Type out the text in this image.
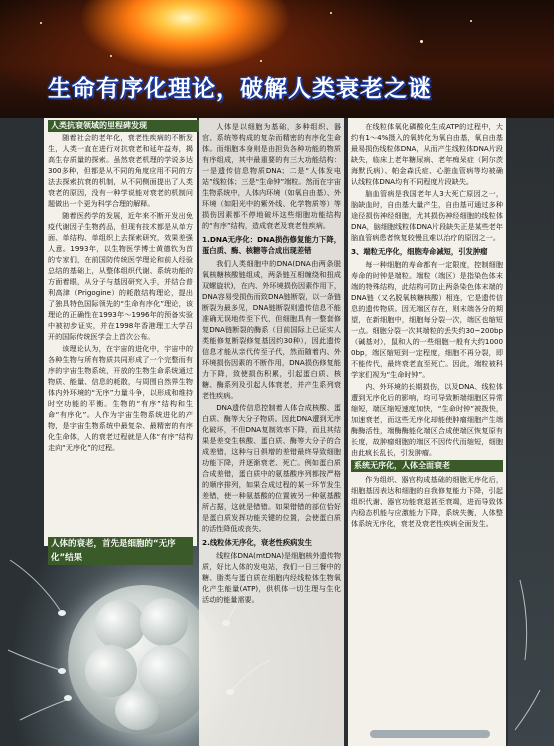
生命有序化理论，破解人类衰老之谜
人类抗衰领域的里程碑发现

随着社会的老年化，衰老性疾病的不断发生，人类一直在进行对抗衰老和延年益寿，揭高生存质量的探索。虽然衰老机理的学说多达300多种，但都是从不同的角度应用不同的方法去探索抗衰的机制，从不同侧面提出了人类衰老的原因，没有一种学说能对衰老的机制问题做出一个更为科学合理的解释。

随着医药学的发展，近年来不断开发出免疫代谢因子生物药品，但现有技术都是从单方面、单结构、单组织上去探索研究，效果差强人意。1993年，以生物医学博士黄德钦为首的专家们，在前国防传统医学理论和前人经验总结的基础上，从整体组织代谢、系统功能的方面着眼，从分子与基因研究入手，并结合普利高津（Prigogine）的耗散结构理论，提出了独具特色国际领先的“生命有序化”理论，该理论的正确性在1993年～1996年的预备实验中被初步证实，并在1998年香港理工大学召开的国际传统医学会上首次公布。

该理论认为，在宇宙的进化中，宇宙中的各种生物与所有物质共同形成了一个完整而有序的宇宙生物系统，开放的生物生命系统通过物质、能量、信息的耗散，与周围自然界生物体内外环境的“无序”力量斗争，以形成和维持时空功能的平衡。生物的“有序”结构和生命“有序化”。人作为宇宙生物系统进化的产物，是宇宙生物系统中最复杂、最精密的有序化生命体，人的衰老过程就是人体“有序”结构走向“无序化”的过程。

人体的衰老，首先是细胞的“无序化”结果

人体是以细胞为基础，多种组织、器官、系统等构成的复杂而精密的有序化生命体。而细胞本身则是由担负各种功能的物质有序组成，其中最重要的有三大功能结构：一是遗传信息物质DNA；二是“人体发电站”线粒体；三是“生命钟”端粒。然而在宇宙生物系统中，人体内环境（如氧自由基）、外环境（如阳光中的紫外线、化学物质等）等损伤因素都不停地破坏这些细胞功能结构的“有序”结构，造成衰老及衰老性疾病。

1.DNA无序化：DNA损伤修复能力下降，蛋白质、酶、核糖等合成出现差错

我们人类细胞中的DNA(DNA由两条脱氧核糖核酸链组成，两条链互相缠绕和扭成双螺旋状)，在内、外环境损伤因素作用下，DNA容易受损伤而致DNA链断裂，以一条链断裂为最多见，DNA链断裂则遗传信息不能准确无误地传至下代，但细胞具有一整套修复DNA链断裂的酶系（目前国际上已证实人类能修复断裂修复基因约30种），因此遗传信息才能从亲代传至子代，然而随着内、外环境损伤因素的不断作用，DNA损伤修复能力下降，致使损伤积累，引起蛋白质、核糖、酶系列及引起人体衰老，并产生系列衰老性疾病。

DNA遗传信息控制着人体合成核酸、蛋白质、酶等大分子物质。因此DNA遭到无序化破坏，不但DNA复制效率下降，而且其结果是差变生核酸、蛋白质、酶等大分子的合成差错，这种与日俱增的差错最终导致细胞功能下降，并逐渐衰老、死亡。例如蛋白质合成差错，蛋白质中的氨基酸序列都按严格的顺序排列，如果合成过程的某一环节发生差错，使一种氨基酸的位置被另一种氨基酸所占据，这就是错错。如果错错的部位恰好是蛋白质发挥功能关键的位置，会使蛋白质的活性降低或丧失。

2.线粒体无序化，衰老性疾病发生

线粒体DNA(mtDNA)是细胞核外遗传物质，好比人体的发电站，我们一日三餐中的糖、脂类与蛋白质在细胞内经线粒体生物氧化产生能量(ATP)，供机体一切生理与生化活动的能量需要。

在线粒体氧化磷酸化生成ATP的过程中，大约有1～4%摄入的氧转化为氧自由基，氧自由基最易损伤线粒体DNA，从而产生线粒体DNA片段缺失，临床上老年糖尿病、老年痴呆症（阿尔茨海默氏病）、帕金森氏症、心脏血管病等均被确认线粒体DNA均有不同程度片段缺失。

脑血管病是我国老年人3大死亡原因之一，脑缺血时，自由基大量产生，自由基可通过多种途径损伤神经细胞，尤其损伤神经细胞的线粒体DNA，脑细胞线粒体DNA片段缺失正是某些老年脑血管病患者恢复较慢且难以治疗的原因之一。

3、端粒无序化，细胞寿命减短，引发肿瘤

每一种细胞的寿命都有一定限度，控制细胞寿命的时钟是端粒。端粒（端区）是指染色体末端的特殊结构，此结构可防止两条染色体末端的DNA链（又名脱氧核糖核酸）相连，它是遗传信息的遗传物质。因无端区存在，则末端各分的期望，在新细胞中，细胞每分裂一次，端区也缩短一点。细胞分裂一次其端粒的丢失约30~200bp（碱基对），鼠和人的一些细胞一般有大约10000bp，端区缩短到一定程度，细胞不再分裂，即不能传代，最终衰老直至死亡。因此，端粒被科学家们视为“生命时钟”。

内、外环境的长期损伤，以及DNA、线粒体遭到无序化后的影响，均可导致断端细胞区异常缩短，端区缩短速度加快，“生命时钟”被拨快，加速衰老，而这些无序化却能使肿瘤细胞产生端酶酶活性，端酶酶能化端区合成使端区恢复原有长度，故肿瘤细胞的端区不因传代而缩短，细胞由此疯长乱长，引发肿瘤。

系统无序化，人体全面衰老

作为组织、器官构成基础的细胞无序化后，细胞基因表达和细胞的自我修复能力下降，引起组织代谢、器官功能衰退甚至衰竭，进而导致体内稳态机能与应激能力下降，系统失衡，人体整体系统无序化，衰老及衰老性疾病全面发生。
